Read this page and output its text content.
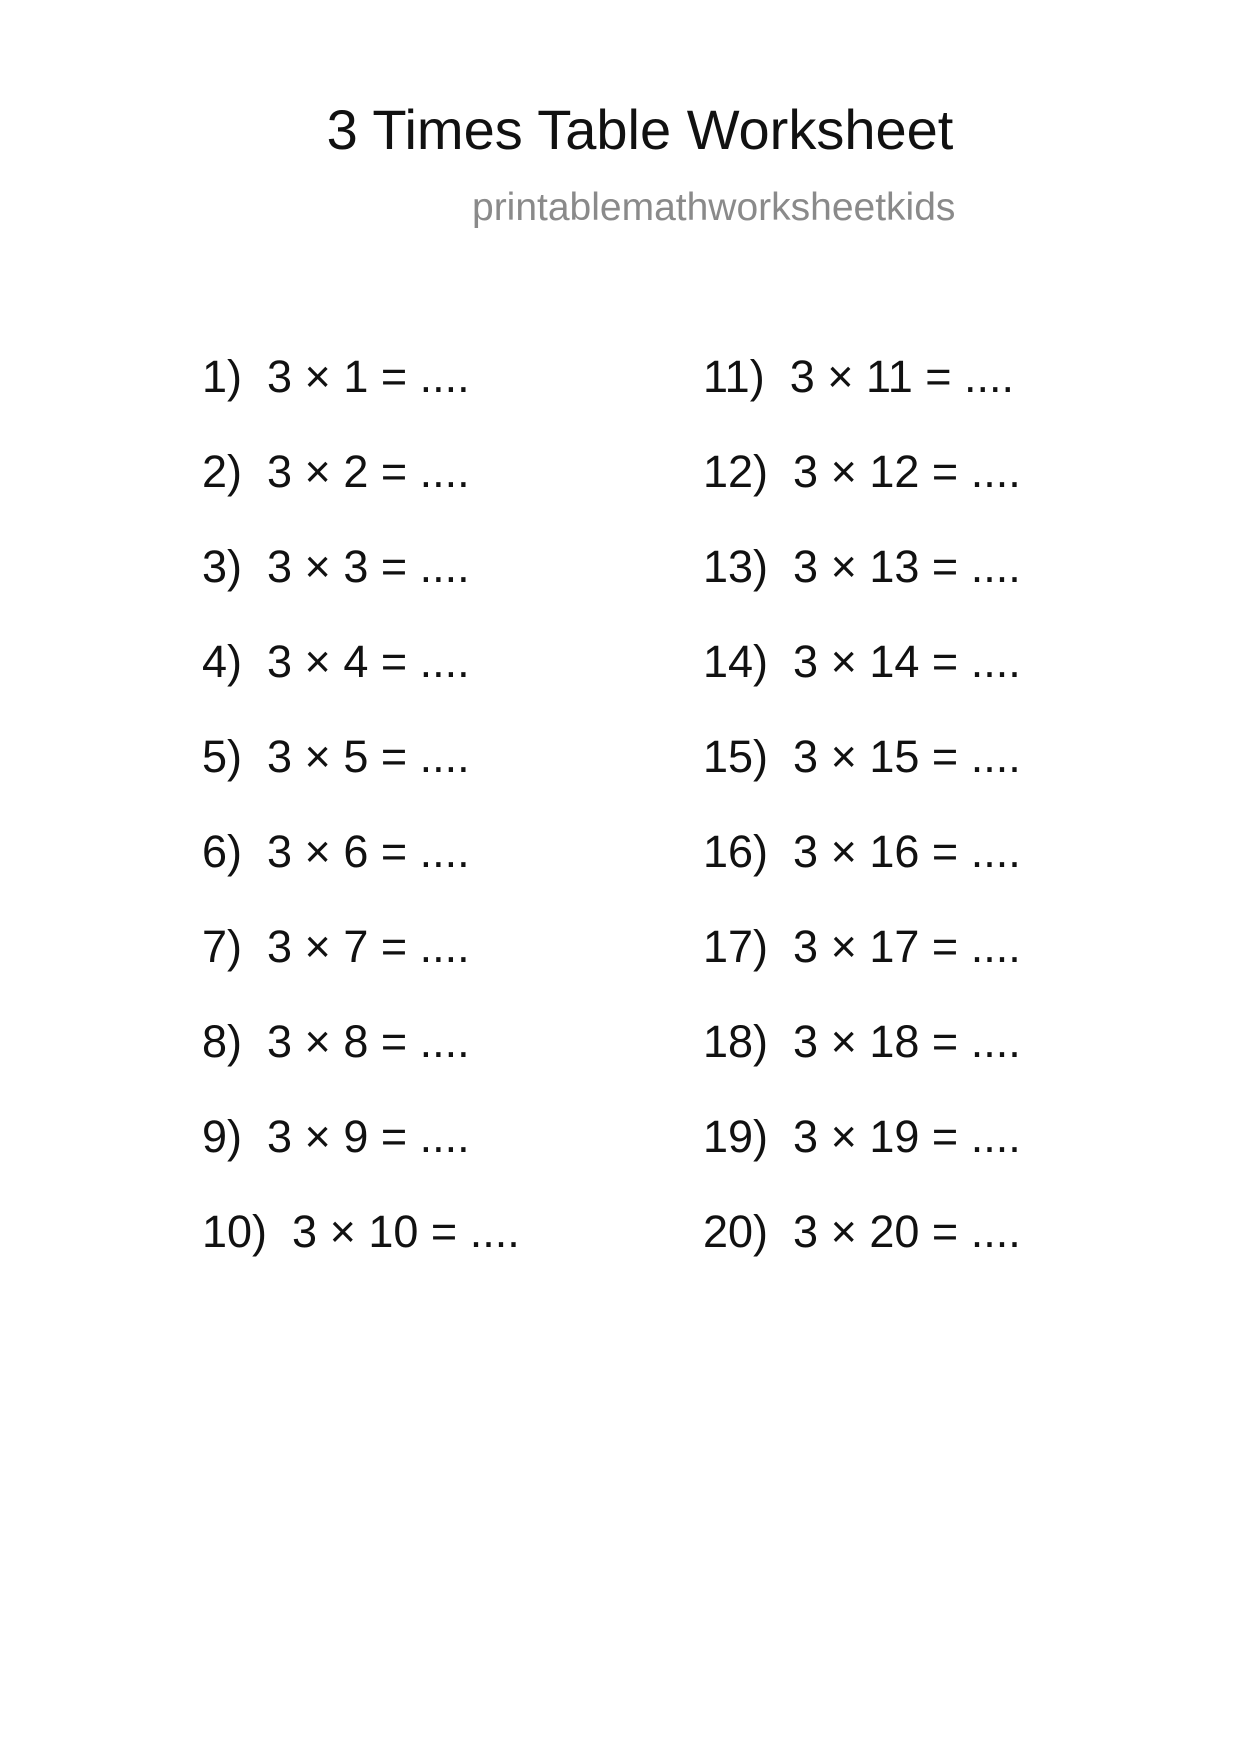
3 Times Table Worksheet
printablemathworksheetkids
1)  3 × 1 = ....
2)  3 × 2 = ....
3)  3 × 3 = ....
4)  3 × 4 = ....
5)  3 × 5 = ....
6)  3 × 6 = ....
7)  3 × 7 = ....
8)  3 × 8 = ....
9)  3 × 9 = ....
10)  3 × 10 = ....
11)  3 × 11 = ....
12)  3 × 12 = ....
13)  3 × 13 = ....
14)  3 × 14 = ....
15)  3 × 15 = ....
16)  3 × 16 = ....
17)  3 × 17 = ....
18)  3 × 18 = ....
19)  3 × 19 = ....
20)  3 × 20 = ....
